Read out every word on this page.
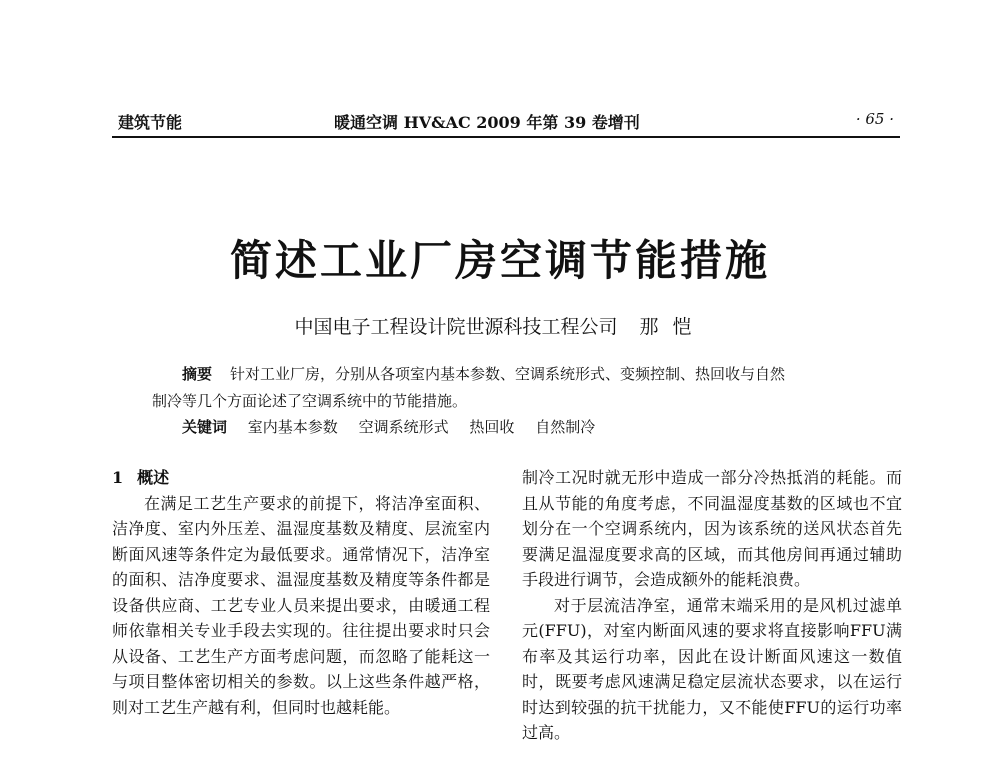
建筑节能	暖通空调 HV&AC 2009 年第 39 卷增刊	· 65 ·
简述工业厂房空调节能措施
中国电子工程设计院世源科技工程公司 那恺
摘要 针对工业厂房，分别从各项室内基本参数、空调系统形式、变频控制、热回收与自然
制冷等几个方面论述了空调系统中的节能措施。
关键词 室内基本参数 空调系统形式 热回收 自然制冷
1 概述

在满足工艺生产要求的前提下，将洁净室面积、洁净度、室内外压差、温湿度基数及精度、层流室内断面风速等条件定为最低要求。通常情况下，洁净室的面积、洁净度要求、温湿度基数及精度等条件都是设备供应商、工艺专业人员来提出要求，由暖通工程师依靠相关专业手段去实现的。往往提出要求时只会从设备、工艺生产方面考虑问题，而忽略了能耗这一与项目整体密切相关的参数。以上这些条件越严格，则对工艺生产越有利，但同时也越耗能。

制冷工况时就无形中造成一部分冷热抵消的耗能。而且从节能的角度考虑，不同温湿度基数的区域也不宜划分在一个空调系统内，因为该系统的送风状态首先要满足温湿度要求高的区域，而其他房间再通过辅助手段进行调节，会造成额外的能耗浪费。

对于层流洁净室，通常末端采用的是风机过滤单元(FFU)，对室内断面风速的要求将直接影响FFU满布率及其运行功率，因此在设计断面风速这一数值时，既要考虑风速满足稳定层流状态要求，以在运行时达到较强的抗干扰能力，又不能使FFU的运行功率过高。
